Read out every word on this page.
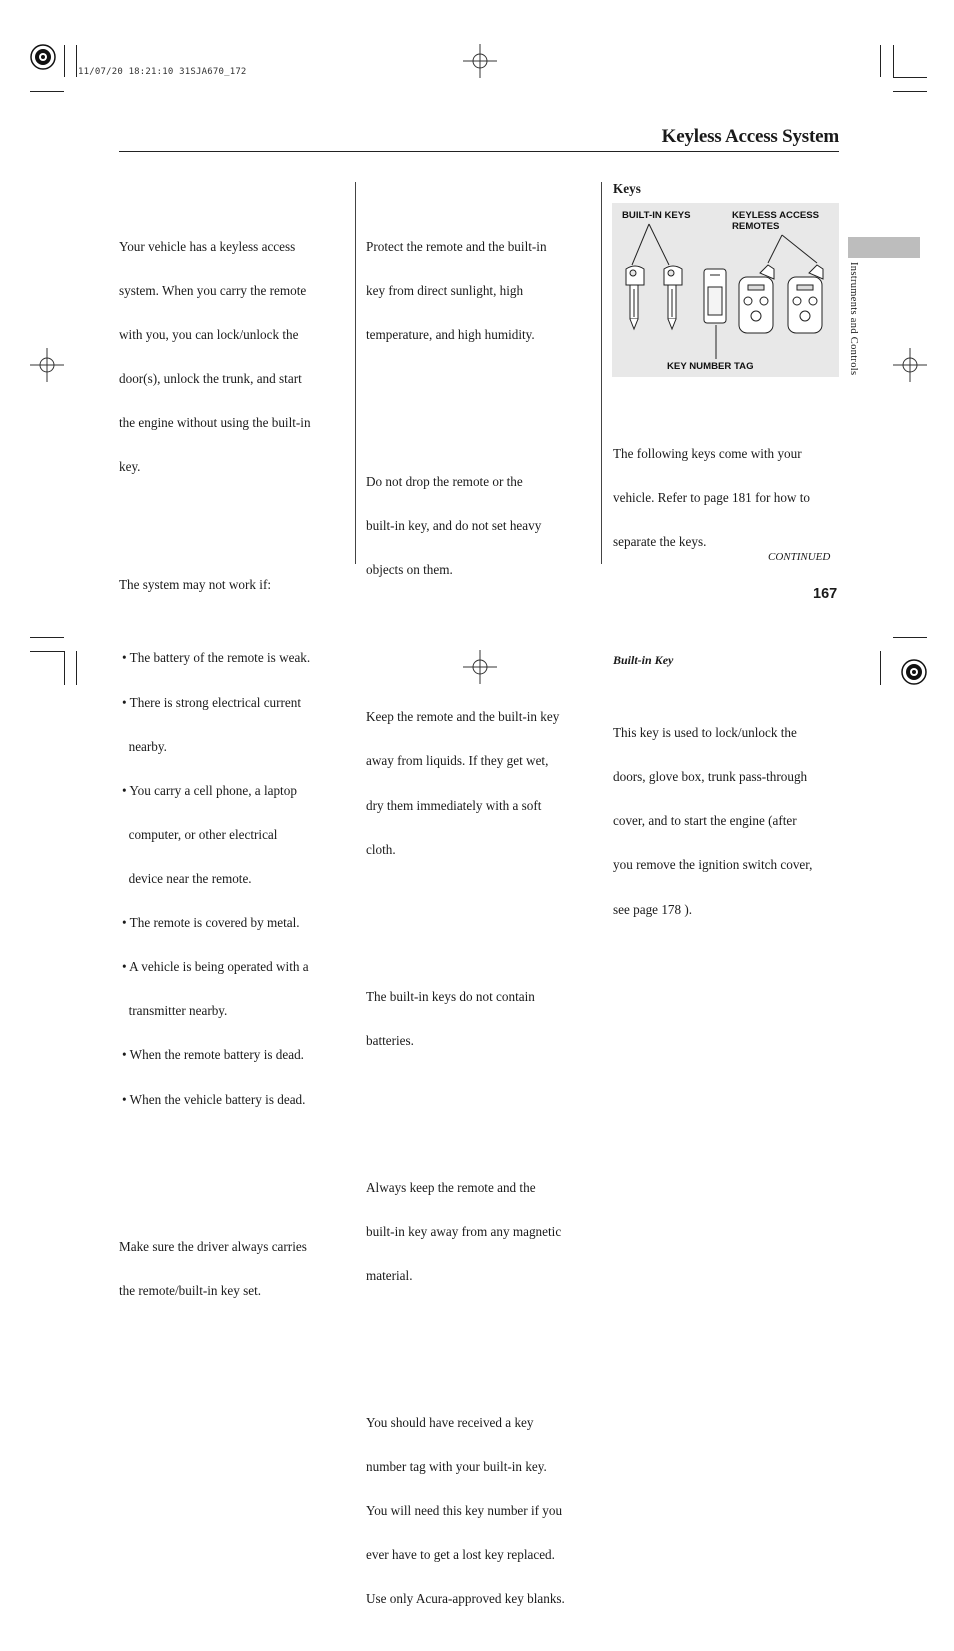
11/07/20 18:21:10 31SJA670_172
Keyless Access System
Instruments and Controls

Your vehicle has a keyless access

system. When you carry the remote

with you, you can lock/unlock the

door(s), unlock the trunk, and start

the engine without using the built-in

key.

The system may not work if:

• The battery of the remote is weak.

• There is strong electrical current

nearby.

• You carry a cell phone, a laptop

computer, or other electrical

device near the remote.

• The remote is covered by metal.

• A vehicle is being operated with a

transmitter nearby.

• When the remote battery is dead.

• When the vehicle battery is dead.

Make sure the driver always carries

the remote/built-in key set.

Protect the remote and the built-in

key from direct sunlight, high

temperature, and high humidity.

Do not drop the remote or the

built-in key, and do not set heavy

objects on them.

Keep the remote and the built-in key

away from liquids. If they get wet,

dry them immediately with a soft

cloth.

The built-in keys do not contain

batteries.

Always keep the remote and the

built-in key away from any magnetic

material.

You should have received a key

number tag with your built-in key.

You will need this key number if you

ever have to get a lost key replaced.

Use only Acura-approved key blanks.

Keys
BUILT-IN KEYS	KEYLESS ACCESS
REMOTES
KEY NUMBER TAG

The following keys come with your

vehicle. Refer to page 181 for how to

separate the keys.

Built-in Key

This key is used to lock/unlock the

doors, glove box, trunk pass-through

cover, and to start the engine (after

you remove the ignition switch cover,

see page 178 ).

CONTINUED
167
